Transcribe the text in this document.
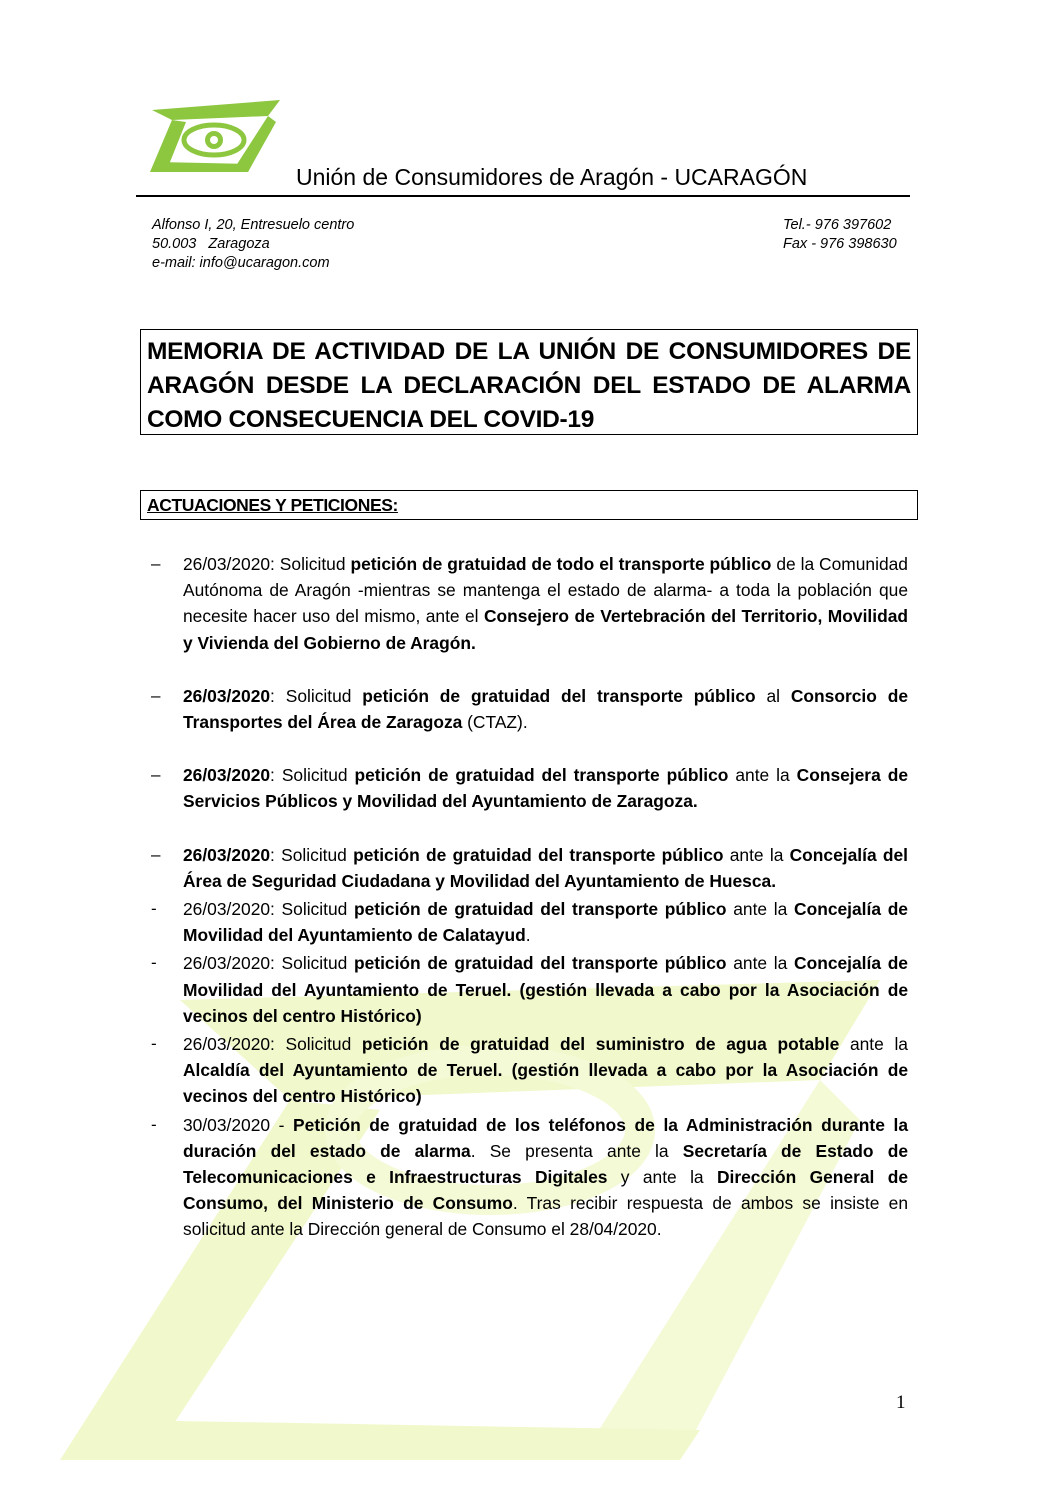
Unión de Consumidores de Aragón - UCARAGÓN
Alfonso I, 20, Entresuelo centro
50.003   Zaragoza
e-mail: info@ucaragon.com
Tel.- 976 397602
Fax - 976 398630
MEMORIA DE ACTIVIDAD DE LA UNIÓN DE CONSUMIDORES DE ARAGÓN DESDE LA DECLARACIÓN DEL ESTADO DE ALARMA COMO CONSECUENCIA DEL COVID-19
ACTUACIONES Y PETICIONES:
– 26/03/2020: Solicitud petición de gratuidad de todo el transporte público de la Comunidad Autónoma de Aragón -mientras se mantenga el estado de alarma- a toda la población que necesite hacer uso del mismo, ante el Consejero de Vertebración del Territorio, Movilidad y Vivienda del Gobierno de Aragón.
– 26/03/2020: Solicitud petición de gratuidad del transporte público al Consorcio de Transportes del Área de Zaragoza (CTAZ).
– 26/03/2020: Solicitud petición de gratuidad del transporte público ante la Consejera de Servicios Públicos y Movilidad del Ayuntamiento de Zaragoza.
– 26/03/2020: Solicitud petición de gratuidad del transporte público ante la Concejalía del Área de Seguridad Ciudadana y Movilidad del Ayuntamiento de Huesca.
- 26/03/2020: Solicitud petición de gratuidad del transporte público ante la Concejalía de Movilidad del Ayuntamiento de Calatayud.
- 26/03/2020: Solicitud petición de gratuidad del transporte público ante la Concejalía de Movilidad del Ayuntamiento de Teruel. (gestión llevada a cabo por la Asociación de vecinos del centro Histórico)
- 26/03/2020: Solicitud petición de gratuidad del suministro de agua potable ante la Alcaldía del Ayuntamiento de Teruel. (gestión llevada a cabo por la Asociación de vecinos del centro Histórico)
- 30/03/2020 - Petición de gratuidad de los teléfonos de la Administración durante la duración del estado de alarma. Se presenta ante la Secretaría de Estado de Telecomunicaciones e Infraestructuras Digitales y ante la Dirección General de Consumo, del Ministerio de Consumo. Tras recibir respuesta de ambos se insiste en solicitud ante la Dirección general de Consumo el 28/04/2020.
1
